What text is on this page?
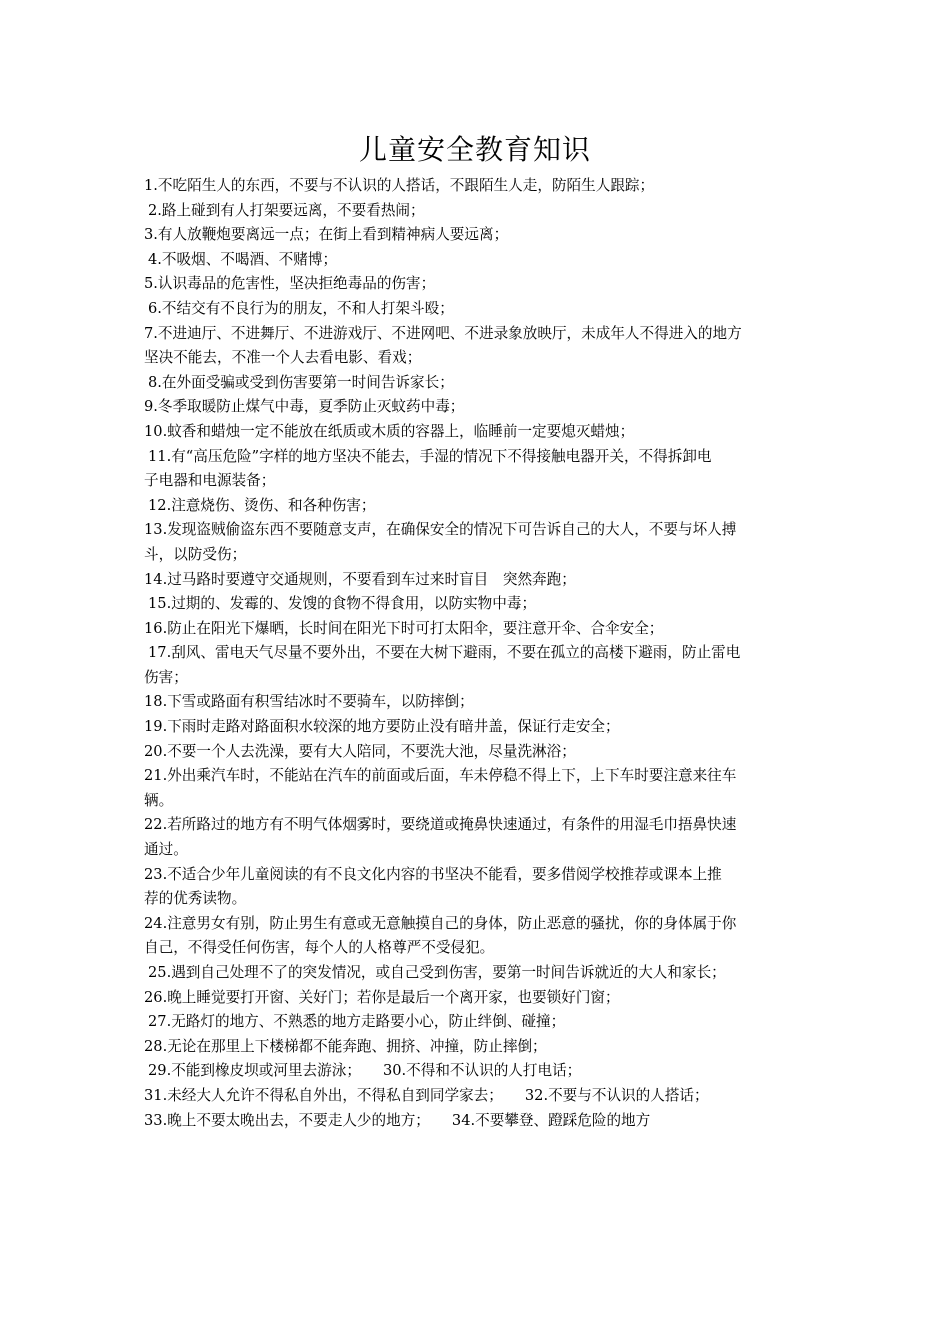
儿童安全教育知识
1.不吃陌生人的东西，不要与不认识的人搭话，不跟陌生人走，防陌生人跟踪；
2.路上碰到有人打架要远离，不要看热闹；
3.有人放鞭炮要离远一点；在街上看到精神病人要远离；
4.不吸烟、不喝酒、不赌博；
5.认识毒品的危害性，坚决拒绝毒品的伤害；
6.不结交有不良行为的朋友，不和人打架斗殴；
7.不进迪厅、不进舞厅、不进游戏厅、不进网吧、不进录象放映厅，未成年人不得进入的地方
坚决不能去，不准一个人去看电影、看戏；
8.在外面受骗或受到伤害要第一时间告诉家长；
9.冬季取暖防止煤气中毒，夏季防止灭蚊药中毒；
10.蚊香和蜡烛一定不能放在纸质或木质的容器上，临睡前一定要熄灭蜡烛；
11.有“高压危险”字样的地方坚决不能去，手湿的情况下不得接触电器开关，不得拆卸电
子电器和电源装备；
12.注意烧伤、烫伤、和各种伤害；
13.发现盗贼偷盗东西不要随意支声，在确保安全的情况下可告诉自己的大人，不要与坏人搏
斗，以防受伤；
14.过马路时要遵守交通规则，不要看到车过来时盲目　突然奔跑；
15.过期的、发霉的、发馊的食物不得食用，以防实物中毒；
16.防止在阳光下爆晒，长时间在阳光下时可打太阳伞，要注意开伞、合伞安全；
17.刮风、雷电天气尽量不要外出，不要在大树下避雨，不要在孤立的高楼下避雨，防止雷电
伤害；
18.下雪或路面有积雪结冰时不要骑车，以防摔倒；
19.下雨时走路对路面积水较深的地方要防止没有暗井盖，保证行走安全；
20.不要一个人去洗澡，要有大人陪同，不要洗大池，尽量洗淋浴；
21.外出乘汽车时，不能站在汽车的前面或后面，车未停稳不得上下，上下车时要注意来往车
辆。
22.若所路过的地方有不明气体烟雾时，要绕道或掩鼻快速通过，有条件的用湿毛巾捂鼻快速
通过。
23.不适合少年儿童阅读的有不良文化内容的书坚决不能看，要多借阅学校推荐或课本上推
荐的优秀读物。
24.注意男女有别，防止男生有意或无意触摸自己的身体，防止恶意的骚扰，你的身体属于你
自己，不得受任何伤害，每个人的人格尊严不受侵犯。
25.遇到自己处理不了的突发情况，或自己受到伤害，要第一时间告诉就近的大人和家长；
26.晚上睡觉要打开窗、关好门；若你是最后一个离开家，也要锁好门窗；
27.无路灯的地方、不熟悉的地方走路要小心，防止绊倒、碰撞；
28.无论在那里上下楼梯都不能奔跑、拥挤、冲撞，防止摔倒；
29.不能到橡皮坝或河里去游泳； 30.不得和不认识的人打电话；
31.未经大人允许不得私自外出，不得私自到同学家去； 32.不要与不认识的人搭话；
33.晚上不要太晚出去，不要走人少的地方； 34.不要攀登、蹬踩危险的地方
